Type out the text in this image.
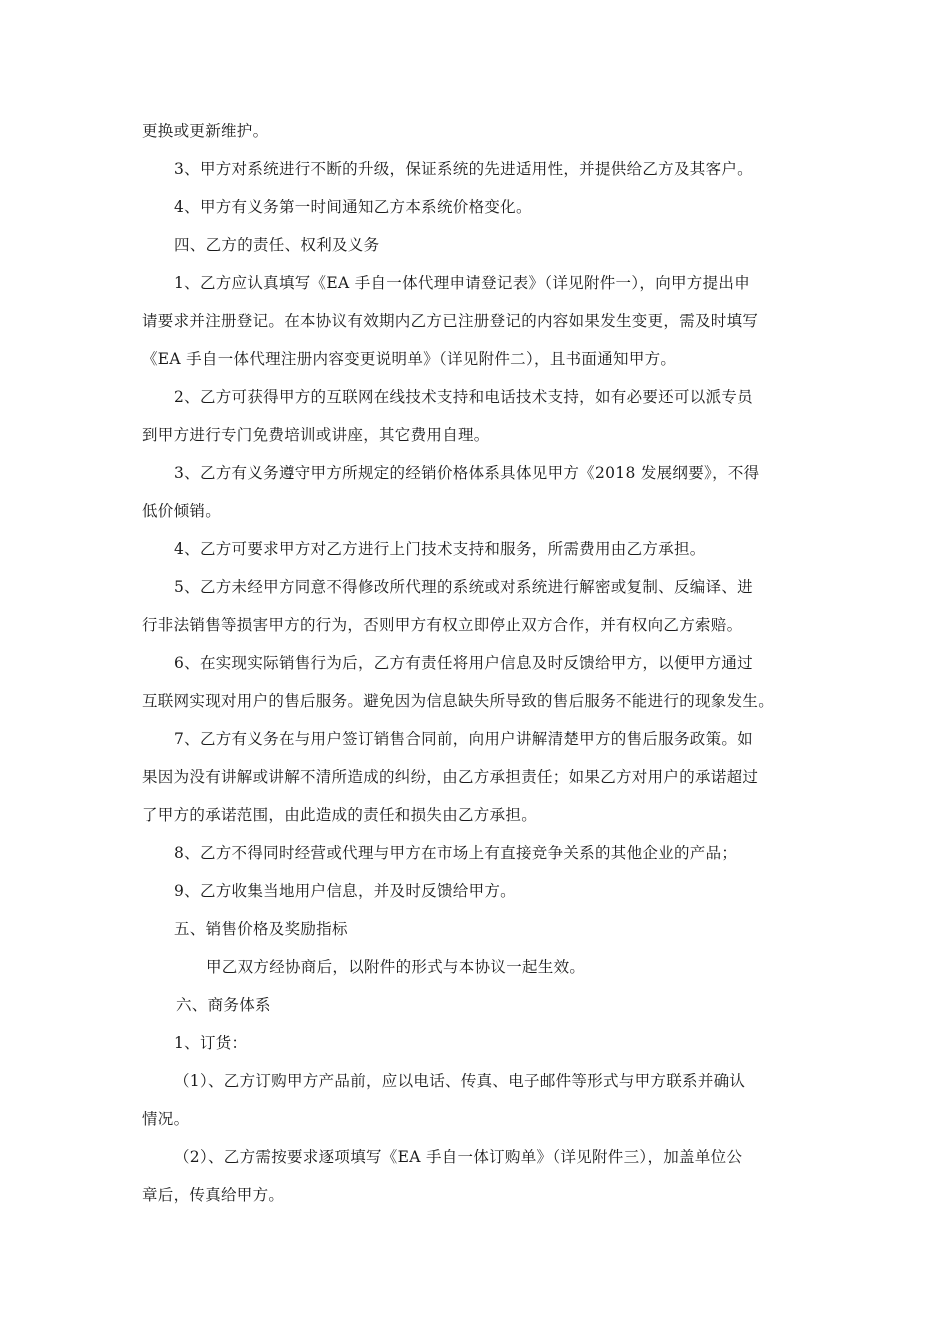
更换或更新维护。
3、甲方对系统进行不断的升级，保证系统的先进适用性，并提供给乙方及其客户。
4、甲方有义务第一时间通知乙方本系统价格变化。
四、乙方的责任、权利及义务
1、乙方应认真填写《EA 手自一体代理申请登记表》（详见附件一），向甲方提出申
请要求并注册登记。在本协议有效期内乙方已注册登记的内容如果发生变更，需及时填写
《EA 手自一体代理注册内容变更说明单》（详见附件二），且书面通知甲方。
2、乙方可获得甲方的互联网在线技术支持和电话技术支持，如有必要还可以派专员
到甲方进行专门免费培训或讲座，其它费用自理。
3、乙方有义务遵守甲方所规定的经销价格体系具体见甲方《2018 发展纲要》，不得
低价倾销。
4、乙方可要求甲方对乙方进行上门技术支持和服务，所需费用由乙方承担。
5、乙方未经甲方同意不得修改所代理的系统或对系统进行解密或复制、反编译、进
行非法销售等损害甲方的行为，否则甲方有权立即停止双方合作，并有权向乙方索赔。
6、在实现实际销售行为后，乙方有责任将用户信息及时反馈给甲方，以便甲方通过
互联网实现对用户的售后服务。避免因为信息缺失所导致的售后服务不能进行的现象发生。
7、乙方有义务在与用户签订销售合同前，向用户讲解清楚甲方的售后服务政策。如
果因为没有讲解或讲解不清所造成的纠纷，由乙方承担责任；如果乙方对用户的承诺超过
了甲方的承诺范围，由此造成的责任和损失由乙方承担。
8、乙方不得同时经营或代理与甲方在市场上有直接竞争关系的其他企业的产品；
9、乙方收集当地用户信息，并及时反馈给甲方。
五、销售价格及奖励指标
甲乙双方经协商后，以附件的形式与本协议一起生效。
六、商务体系
1、订货：
（1）、乙方订购甲方产品前，应以电话、传真、电子邮件等形式与甲方联系并确认
情况。
（2）、乙方需按要求逐项填写《EA 手自一体订购单》（详见附件三），加盖单位公
章后，传真给甲方。
